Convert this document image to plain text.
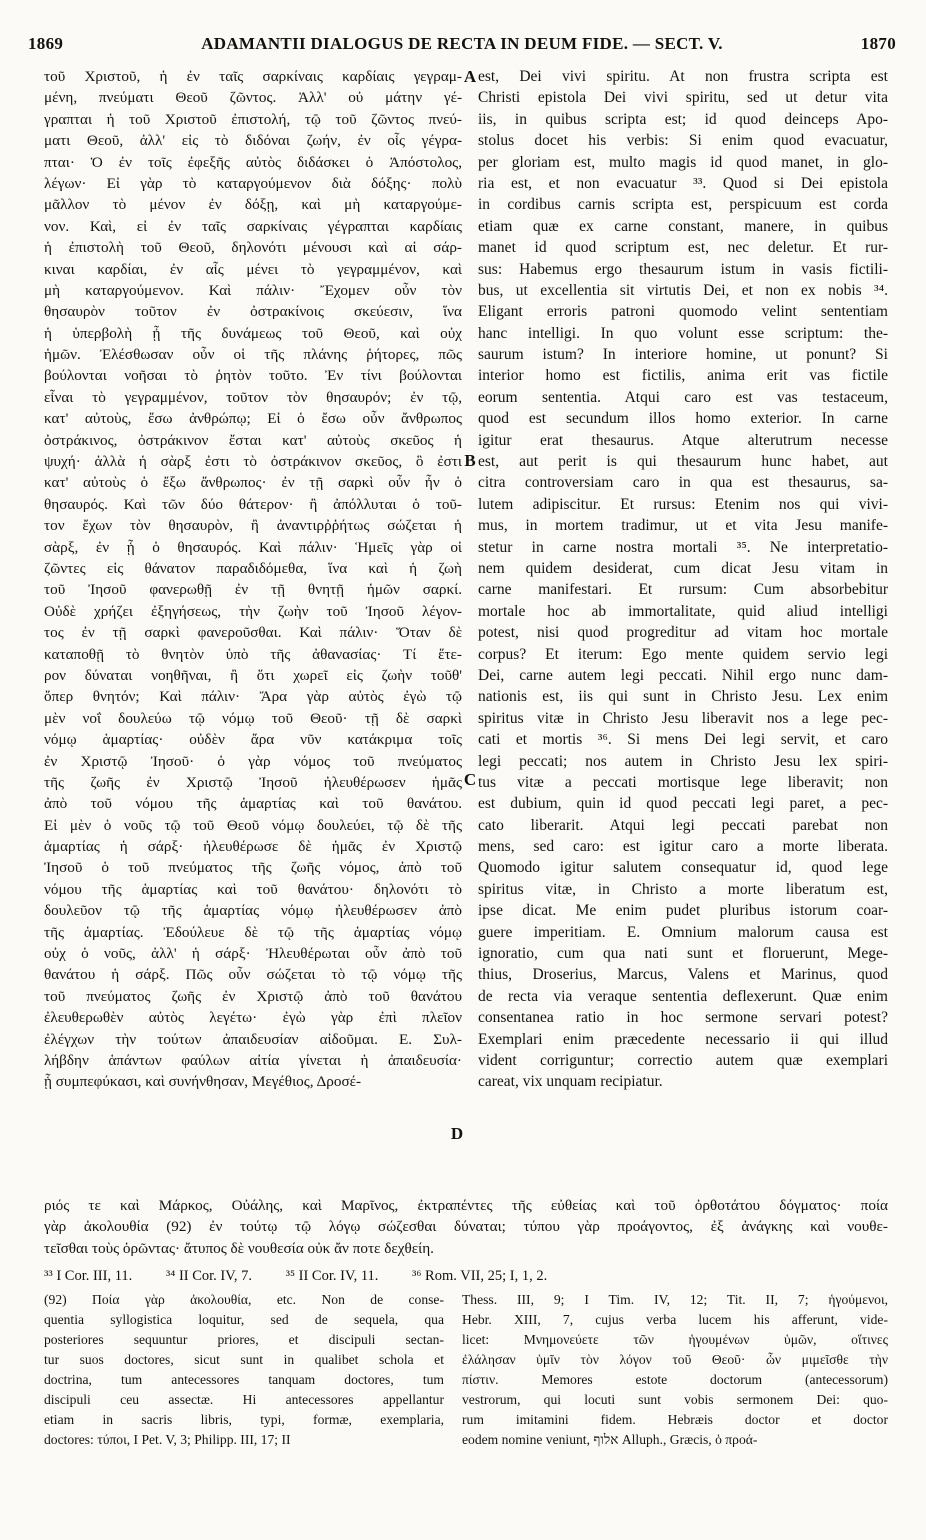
1869	ADAMANTII DIALOGUS DE RECTA IN DEUM FIDE. — SECT. V.	1870
τοῦ Χριστοῦ, ἡ ἐν ταῖς σαρκίναις καρδίαις γεγραμ-
μένη, πνεύματι Θεοῦ ζῶντος. Ἀλλ' οὐ μάτην γέ-
γραπται ἡ τοῦ Χριστοῦ ἐπιστολή, τῷ τοῦ ζῶντος πνεύ-
ματι Θεοῦ, ἀλλ' εἰς τὸ διδόναι ζωήν, ἐν οἷς γέγρα-
πται· Ὁ ἐν τοῖς ἐφεξῆς αὐτὸς διδάσκει ὁ Ἀπόστολος,
λέγων· Εἰ γὰρ τὸ καταργούμενον διὰ δόξης· πολὺ
μᾶλλον τὸ μένον ἐν δόξῃ, καὶ μὴ καταργούμε-
νον. Καὶ, εἰ ἐν ταῖς σαρκίναις γέγραπται καρδίαις
ἡ ἐπιστολὴ τοῦ Θεοῦ, δηλονότι μένουσι καὶ αἱ σάρ-
κιναι καρδίαι, ἐν αἷς μένει τὸ γεγραμμένον, καὶ
μὴ καταργούμενον. Καὶ πάλιν· Ἔχομεν οὖν τὸν
θησαυρὸν τοῦτον ἐν ὀστρακίνοις σκεύεσιν, ἵνα
ἡ ὑπερβολὴ ᾖ τῆς δυνάμεως τοῦ Θεοῦ, καὶ οὐχ
ἡμῶν. Ἐλέσθωσαν οὖν οἱ τῆς πλάνης ῥήτορες, πῶς
βούλονται νοῆσαι τὸ ῥητὸν τοῦτο. Ἐν τίνι βούλονται
εἶναι τὸ γεγραμμένον, τοῦτον τὸν θησαυρόν; ἐν τῷ,
κατ' αὐτοὺς, ἔσω ἀνθρώπῳ; Εἰ ὁ ἔσω οὖν ἄνθρωπος
ὀστράκινος, ὀστράκινον ἔσται κατ' αὐτοὺς σκεῦος ἡ
ψυχή· ἀλλὰ ἡ σὰρξ ἐστι τὸ ὀστράκινον σκεῦος, ὃ ἐστι
κατ' αὐτοὺς ὁ ἔξω ἄνθρωπος· ἐν τῇ σαρκὶ οὖν ἦν ὁ
θησαυρός. Καὶ τῶν δύο θάτερον· ἢ ἀπόλλυται ὁ τοῦ-
τον ἔχων τὸν θησαυρὸν, ἢ ἀναντιρῤῥήτως σώζεται ἡ
σὰρξ, ἐν ᾗ ὁ θησαυρός. Καὶ πάλιν· Ἡμεῖς γὰρ οἱ
ζῶντες εἰς θάνατον παραδιδόμεθα, ἵνα καὶ ἡ ζωὴ
τοῦ Ἰησοῦ φανερωθῇ ἐν τῇ θνητῇ ἡμῶν σαρκί.
Οὐδὲ χρήζει ἐξηγήσεως, τὴν ζωὴν τοῦ Ἰησοῦ λέγον-
τος ἐν τῇ σαρκὶ φανεροῦσθαι. Καὶ πάλιν· Ὅταν δὲ
καταποθῇ τὸ θνητὸν ὑπὸ τῆς ἀθανασίας· Τί ἕτε-
ρον δύναται νοηθῆναι, ἢ ὅτι χωρεῖ εἰς ζωὴν τοῦθ'
ὅπερ θνητόν; Καὶ πάλιν· Ἄρα γὰρ αὐτὸς ἐγὼ τῷ
μὲν νοΐ δουλεύω τῷ νόμῳ τοῦ Θεοῦ· τῇ δὲ σαρκὶ
νόμῳ ἁμαρτίας· οὐδὲν ἄρα νῦν κατάκριμα τοῖς
ἐν Χριστῷ Ἰησοῦ· ὁ γὰρ νόμος τοῦ πνεύματος
τῆς ζωῆς ἐν Χριστῷ Ἰησοῦ ἠλευθέρωσεν ἡμᾶς
ἀπὸ τοῦ νόμου τῆς ἁμαρτίας καὶ τοῦ θανάτου.
Εἰ μὲν ὁ νοῦς τῷ τοῦ Θεοῦ νόμῳ δουλεύει, τῷ δὲ τῆς
ἁμαρτίας ἡ σάρξ· ἠλευθέρωσε δὲ ἡμᾶς ἐν Χριστῷ
Ἰησοῦ ὁ τοῦ πνεύματος τῆς ζωῆς νόμος, ἀπὸ τοῦ
νόμου τῆς ἁμαρτίας καὶ τοῦ θανάτου· δηλονότι τὸ
δουλεῦον τῷ τῆς ἁμαρτίας νόμῳ ἠλευθέρωσεν ἀπὸ
τῆς ἁμαρτίας. Ἐδούλευε δὲ τῷ τῆς ἁμαρτίας νόμῳ
οὐχ ὁ νοῦς, ἀλλ' ἡ σάρξ· Ἠλευθέρωται οὖν ἀπὸ τοῦ
θανάτου ἡ σάρξ. Πῶς οὖν σώζεται τὸ τῷ νόμῳ τῆς
τοῦ πνεύματος ζωῆς ἐν Χριστῷ ἀπὸ τοῦ θανάτου
ἐλευθερωθὲν αὐτὸς λεγέτω· ἐγὼ γὰρ ἐπὶ πλεῖον
ἐλέγχων τὴν τούτων ἀπαιδευσίαν αἰδοῦμαι. Ε. Συλ-
λήβδην ἁπάντων φαύλων αἰτία γίνεται ἡ ἀπαιδευσία·
ᾗ συμπεφύκασι, καὶ συνήνθησαν, Μεγέθιος, Δροσέ-
est, Dei vivi spiritu. At non frustra scripta est
Christi epistola Dei vivi spiritu, sed ut detur vita
iis, in quibus scripta est; id quod deinceps Apo-
stolus docet his verbis: Si enim quod evacuatur,
per gloriam est, multo magis id quod manet, in glo-
ria est, et non evacuatur ³³. Quod si Dei epistola
in cordibus carnis scripta est, perspicuum est corda
etiam quæ ex carne constant, manere, in quibus
manet id quod scriptum est, nec deletur. Et rur-
sus: Habemus ergo thesaurum istum in vasis fictili-
bus, ut excellentia sit virtutis Dei, et non ex nobis ³⁴.
Eligant erroris patroni quomodo velint sententiam
hanc intelligi. In quo volunt esse scriptum: the-
saurum istum? In interiore homine, ut ponunt? Si
interior homo est fictilis, anima erit vas fictile
eorum sententia. Atqui caro est vas testaceum,
quod est secundum illos homo exterior. In carne
igitur erat thesaurus. Atque alterutrum necesse
est, aut perit is qui thesaurum hunc habet, aut
citra controversiam caro in qua est thesaurus, sa-
lutem adipiscitur. Et rursus: Etenim nos qui vivi-
mus, in mortem tradimur, ut et vita Jesu manife-
stetur in carne nostra mortali ³⁵. Ne interpretatio-
nem quidem desiderat, cum dicat Jesu vitam in
carne manifestari. Et rursum: Cum absorbebitur
mortale hoc ab immortalitate, quid aliud intelligi
potest, nisi quod progreditur ad vitam hoc mortale
corpus? Et iterum: Ego mente quidem servio legi
Dei, carne autem legi peccati. Nihil ergo nunc dam-
nationis est, iis qui sunt in Christo Jesu. Lex enim
spiritus vitæ in Christo Jesu liberavit nos a lege pec-
cati et mortis ³⁶. Si mens Dei legi servit, et caro
legi peccati; nos autem in Christo Jesu lex spiri-
tus vitæ a peccati mortisque lege liberavit; non
est dubium, quin id quod peccati legi paret, a pec-
cato liberarit. Atqui legi peccati parebat non
mens, sed caro: est igitur caro a morte liberata.
Quomodo igitur salutem consequatur id, quod lege
spiritus vitæ, in Christo a morte liberatum est,
ipse dicat. Me enim pudet pluribus istorum coar-
guere imperitiam. E. Omnium malorum causa est
ignoratio, cum qua nati sunt et floruerunt, Mege-
thius, Droserius, Marcus, Valens et Marinus, quod
de recta via veraque sententia deflexerunt. Quæ enim
consentanea ratio in hoc sermone servari potest?
Exemplari enim præcedente necessario ii qui illud
vident corriguntur; correctio autem quæ exemplari
careat, vix unquam recipiatur.
A
B
C
D
ριός τε καὶ Μάρκος, Οὐάλης, καὶ Μαρῖνος, ἐκτραπέντες τῆς εὐθείας καὶ τοῦ ὀρθοτάτου δόγματος· ποία
γὰρ ἀκολουθία (92) ἐν τούτῳ τῷ λόγῳ σώζεσθαι δύναται; τύπου γὰρ προάγοντος, ἐξ ἀνάγκης καὶ νουθε-
τεῖσθαι τοὺς ὁρῶντας· ἄτυπος δὲ νουθεσία οὐκ ἄν ποτε δεχθείη.
³³ I Cor. III, 11. ³⁴ II Cor. IV, 7. ³⁵ II Cor. IV, 11. ³⁶ Rom. VII, 25; I, 1, 2.
(92) Ποία γὰρ ἀκολουθία, etc. Non de conse-
quentia syllogistica loquitur, sed de sequela, qua
posteriores sequuntur priores, et discipuli sectan-
tur suos doctores, sicut sunt in qualibet schola et
doctrina, tum antecessores tanquam doctores, tum
discipuli ceu assectæ. Hi antecessores appellantur
etiam in sacris libris, typi, formæ, exemplaria,
doctores: τύποι, I Pet. V, 3; Philipp. III, 17; II
Thess. III, 9; I Tim. IV, 12; Tit. II, 7; ἡγούμενοι,
Hebr. XIII, 7, cujus verba lucem his afferunt, vide-
licet: Μνημονεύετε τῶν ἡγουμένων ὑμῶν, οἵτινες
ἐλάλησαν ὑμῖν τὸν λόγον τοῦ Θεοῦ· ὧν μιμεῖσθε τὴν
πίστιν. Memores estote doctorum (antecessorum)
vestrorum, qui locuti sunt vobis sermonem Dei: quo-
rum imitamini fidem. Hebræis doctor et doctor
eodem nomine veniunt, אלוף Alluph., Græcis, ὁ προά-
